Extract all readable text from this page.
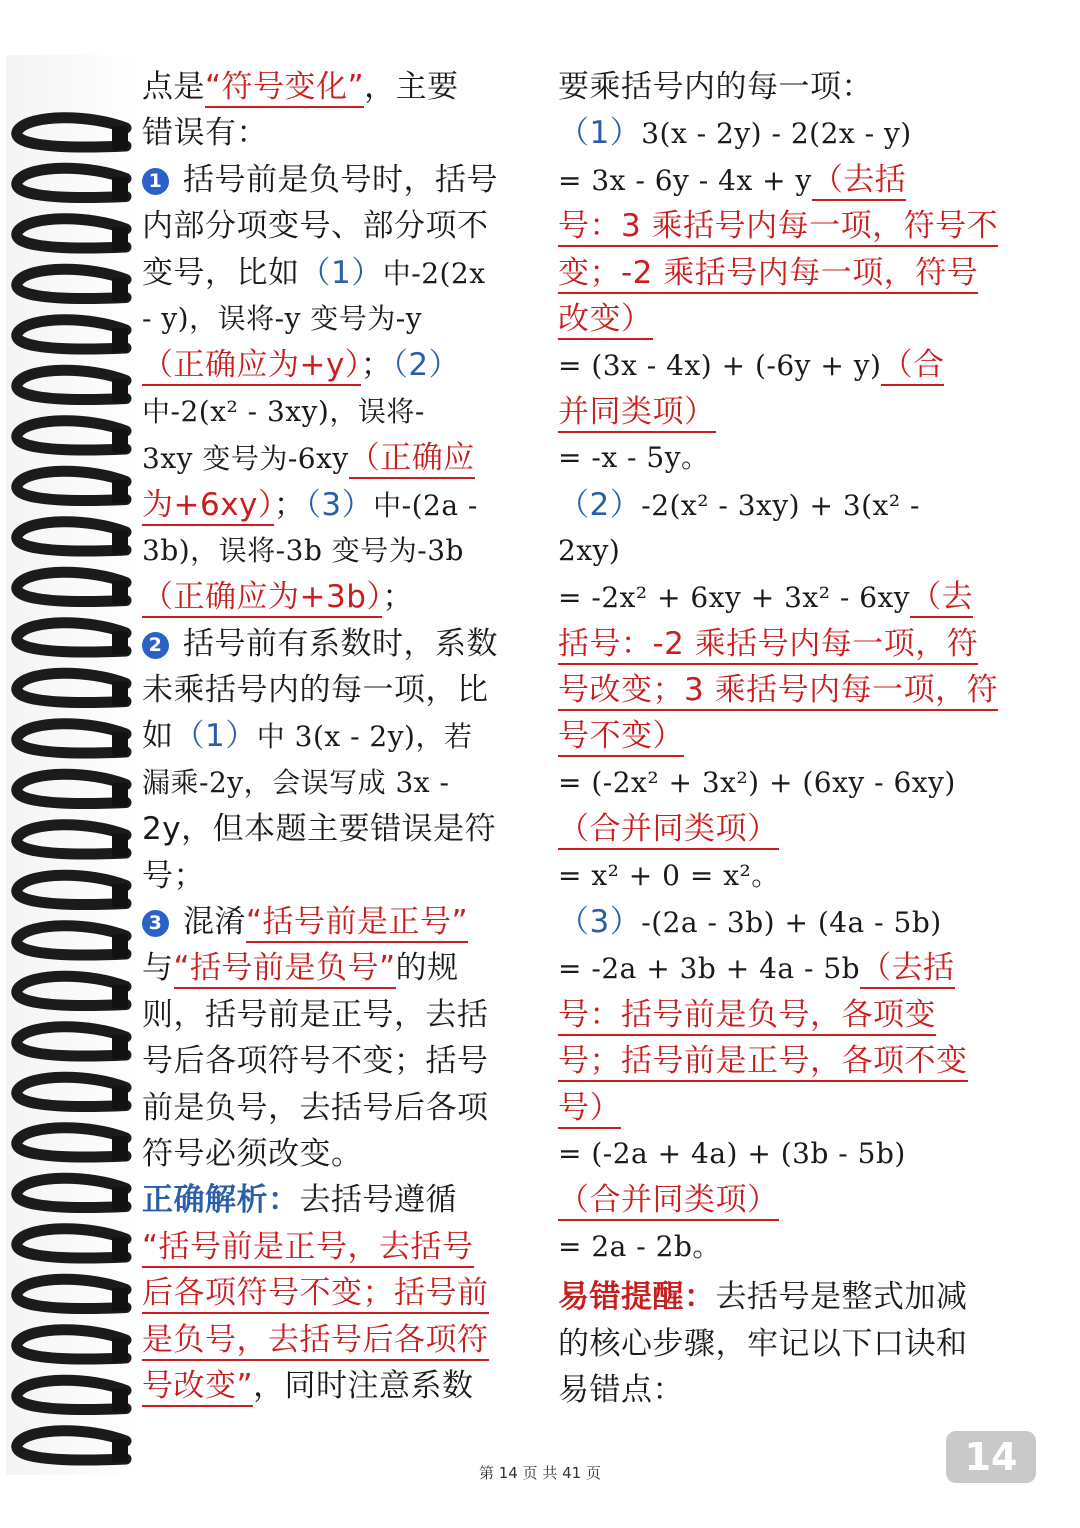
点是“符号变化”，主要
错误有：
1 括号前是负号时，括号
内部分项变号、部分项不
变号，比如（1）中-2(2x
- y)，误将-y 变号为-y
（正确应为+y）；（2）
中-2(x² - 3xy)，误将-
3xy 变号为-6xy（正确应
为+6xy）；（3）中-(2a -
3b)，误将-3b 变号为-3b
（正确应为+3b）；
2 括号前有系数时，系数
未乘括号内的每一项，比
如（1）中 3(x - 2y)，若
漏乘-2y，会误写成 3x -
2y，但本题主要错误是符
号；
3 混淆“括号前是正号”
与“括号前是负号”的规
则，括号前是正号，去括
号后各项符号不变；括号
前是负号，去括号后各项
符号必须改变。
正确解析：去括号遵循
“括号前是正号，去括号
后各项符号不变；括号前
是负号，去括号后各项符
号改变”，同时注意系数
要乘括号内的每一项：
（1）3(x - 2y) - 2(2x - y)
= 3x - 6y - 4x + y（去括
号：3 乘括号内每一项，符号不
变；-2 乘括号内每一项，符号
改变）
= (3x - 4x) + (-6y + y)（合
并同类项）
= -x - 5y。
（2）-2(x² - 3xy) + 3(x² -
2xy)
= -2x² + 6xy + 3x² - 6xy（去
括号：-2 乘括号内每一项，符
号改变；3 乘括号内每一项，符
号不变）
= (-2x² + 3x²) + (6xy - 6xy)
（合并同类项）
= x² + 0 = x²。
（3）-(2a - 3b) + (4a - 5b)
= -2a + 3b + 4a - 5b（去括
号：括号前是负号，各项变
号；括号前是正号，各项不变
号）
= (-2a + 4a) + (3b - 5b)
（合并同类项）
= 2a - 2b。
易错提醒：去括号是整式加减
的核心步骤，牢记以下口诀和
易错点：
第 14 页 共 41 页	14
